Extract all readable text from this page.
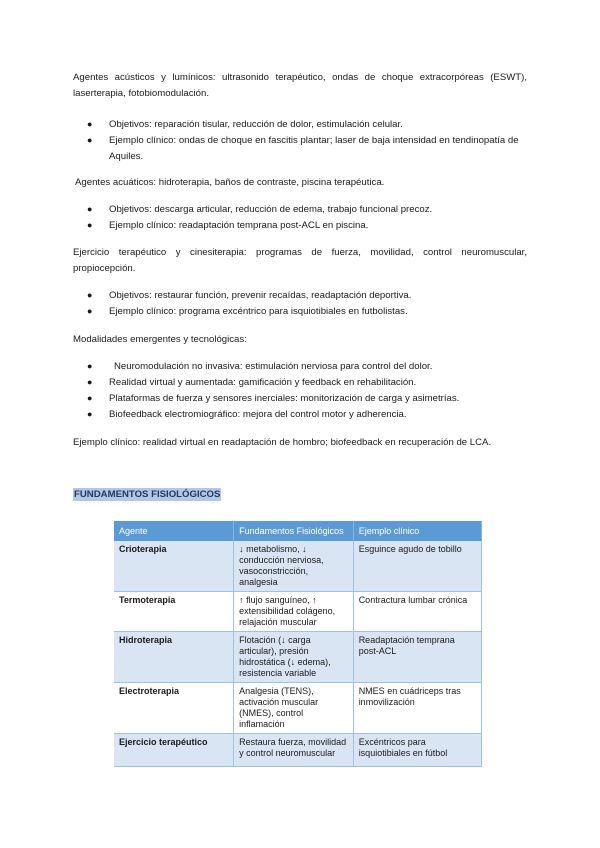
Agentes acústicos y lumínicos: ultrasonido terapéutico, ondas de choque extracorpóreas (ESWT), laserterapia, fotobiomodulación.

● Objetivos: reparación tisular, reducción de dolor, estimulación celular.
● Ejemplo clínico: ondas de choque en fascitis plantar; laser de baja intensidad en tendinopatía de Aquiles.

Agentes acuáticos: hidroterapia, baños de contraste, piscina terapéutica.

● Objetivos: descarga articular, reducción de edema, trabajo funcional precoz.
● Ejemplo clínico: readaptación temprana post-ACL en piscina.

Ejercicio terapéutico y cinesiterapia: programas de fuerza, movilidad, control neuromuscular, propiocepción.

● Objetivos: restaurar función, prevenir recaídas, readaptación deportiva.
● Ejemplo clínico: programa excéntrico para isquiotibiales en futbolistas.

Modalidades emergentes y tecnológicas:

● Neuromodulación no invasiva: estimulación nerviosa para control del dolor.
● Realidad virtual y aumentada: gamificación y feedback en rehabilitación.
● Plataformas de fuerza y sensores inerciales: monitorización de carga y asimetrías.
● Biofeedback electromiográfico: mejora del control motor y adherencia.

Ejemplo clínico: realidad virtual en readaptación de hombro; biofeedback en recuperación de LCA.

FUNDAMENTOS FISIOLÓGICOS
Agente	Fundamentos Fisiológicos	Ejemplo clínico
Crioterapia	↓ metabolismo, ↓ conducción nerviosa, vasoconstricción, analgesia	Esguince agudo de tobillo
Termoterapia	↑ flujo sanguíneo, ↑ extensibilidad colágeno, relajación muscular	Contractura lumbar crónica
Hidroterapia	Flotación (↓ carga articular), presión hidrostática (↓ edema), resistencia variable	Readaptación temprana post-ACL
Electroterapia	Analgesia (TENS), activación muscular (NMES), control inflamación	NMES en cuádriceps tras inmovilización
Ejercicio terapéutico	Restaura fuerza, movilidad y control neuromuscular	Excéntricos para isquiotibiales en fútbol
